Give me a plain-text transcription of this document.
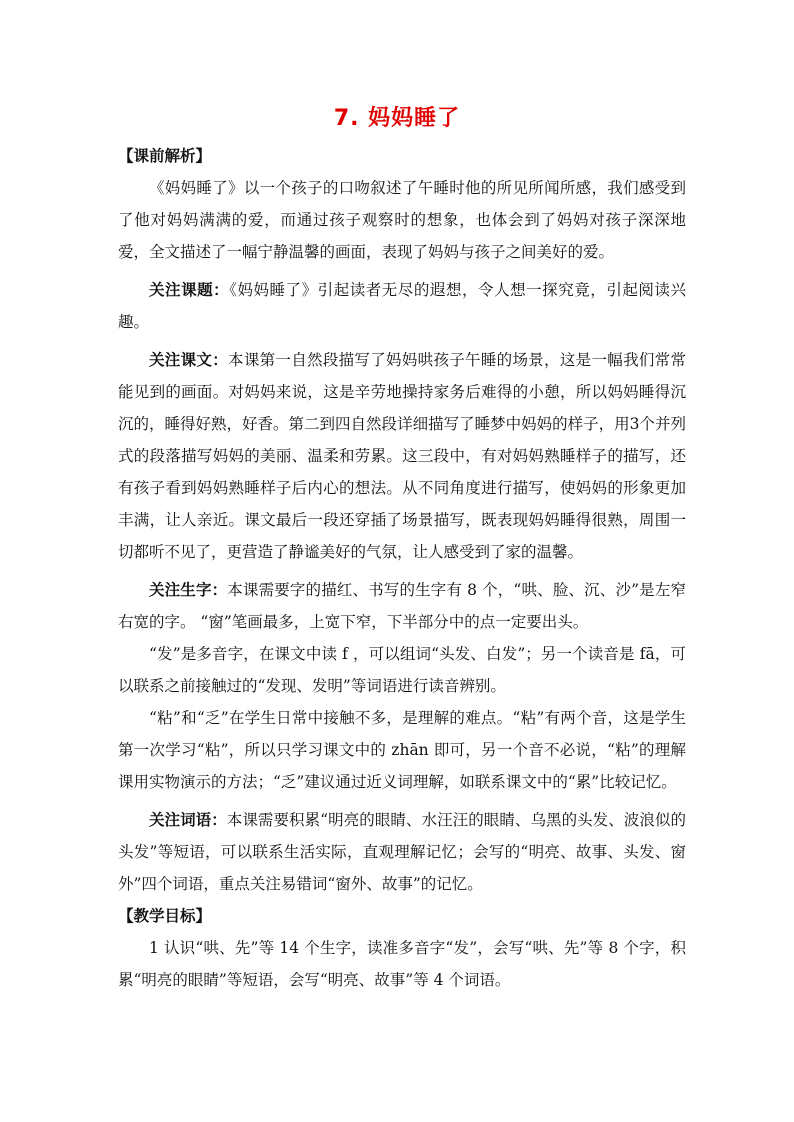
7. 妈妈睡了
【课前解析】

《妈妈睡了》以一个孩子的口吻叙述了午睡时他的所见所闻所感，我们感受到了他对妈妈满满的爱，而通过孩子观察时的想象，也体会到了妈妈对孩子深深地爱，全文描述了一幅宁静温馨的画面，表现了妈妈与孩子之间美好的爱。

关注课题：《妈妈睡了》引起读者无尽的遐想，令人想一探究竟，引起阅读兴趣。

关注课文：本课第一自然段描写了妈妈哄孩子午睡的场景，这是一幅我们常常能见到的画面。对妈妈来说，这是辛劳地操持家务后难得的小憩，所以妈妈睡得沉沉的，睡得好熟，好香。第二到四自然段详细描写了睡梦中妈妈的样子，用3个并列式的段落描写妈妈的美丽、温柔和劳累。这三段中，有对妈妈熟睡样子的描写，还有孩子看到妈妈熟睡样子后内心的想法。从不同角度进行描写，使妈妈的形象更加丰满，让人亲近。课文最后一段还穿插了场景描写，既表现妈妈睡得很熟，周围一切都听不见了，更营造了静谧美好的气氛，让人感受到了家的温馨。

关注生字：本课需要字的描红、书写的生字有 8 个，“哄、脸、沉、沙”是左窄右宽的字。 “窗”笔画最多，上宽下窄，下半部分中的点一定要出头。

“发”是多音字，在课文中读 f ，可以组词“头发、白发”；另一个读音是 fā，可以联系之前接触过的“发现、发明”等词语进行读音辨别。

“粘”和“乏”在学生日常中接触不多，是理解的难点。“粘”有两个音，这是学生第一次学习“粘”，所以只学习课文中的 zhān 即可，另一个音不必说，“粘”的理解课用实物演示的方法；“乏”建议通过近义词理解，如联系课文中的“累”比较记忆。

关注词语：本课需要积累“明亮的眼睛、水汪汪的眼睛、乌黑的头发、波浪似的头发”等短语，可以联系生活实际，直观理解记忆；会写的“明亮、故事、头发、窗外”四个词语，重点关注易错词“窗外、故事”的记忆。

【教学目标】

1 认识“哄、先”等 14 个生字，读准多音字“发”，会写“哄、先”等 8 个字，积累“明亮的眼睛”等短语，会写“明亮、故事”等 4 个词语。
